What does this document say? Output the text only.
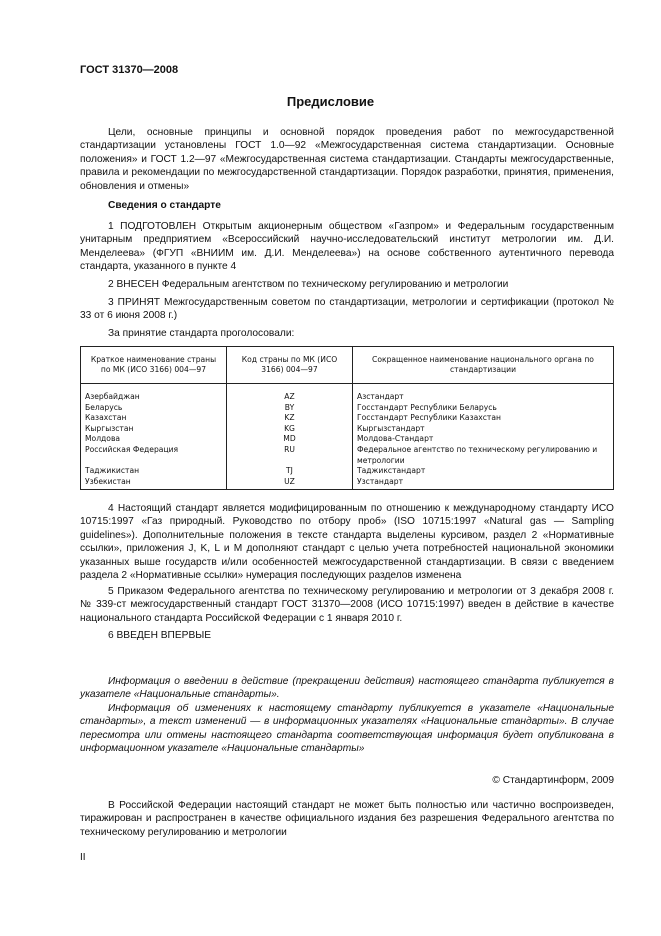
ГОСТ 31370—2008
Предисловие

Цели, основные принципы и основной порядок проведения работ по межгосударственной стандартизации установлены ГОСТ 1.0—92 «Межгосударственная система стандартизации. Основные положения» и ГОСТ 1.2—97 «Межгосударственная система стандартизации. Стандарты межгосударственные, правила и рекомендации по межгосударственной стандартизации. Порядок разработки, принятия, применения, обновления и отмены»

Сведения о стандарте

1 ПОДГОТОВЛЕН Открытым акционерным обществом «Газпром» и Федеральным государственным унитарным предприятием «Всероссийский научно-исследовательский институт метрологии им. Д.И. Менделеева» (ФГУП «ВНИИМ им. Д.И. Менделеева») на основе собственного аутентичного перевода стандарта, указанного в пункте 4

2 ВНЕСЕН Федеральным агентством по техническому регулированию и метрологии

3 ПРИНЯТ Межгосударственным советом по стандартизации, метрологии и сертификации (протокол № 33 от 6 июня 2008 г.)

За принятие стандарта проголосовали:

Краткое наименование страны по МК (ИСО 3166) 004—97	Код страны по МК (ИСО 3166) 004—97	Сокращенное наименование национального органа по стандартизации
Азербайджан	AZ	Азстандарт
Беларусь	BY	Госстандарт Республики Беларусь
Казахстан	KZ	Госстандарт Республики Казахстан
Кыргызстан	KG	Кыргызстандарт
Молдова	MD	Молдова-Стандарт
Российская Федерация	RU	Федеральное агентство по техническому регулированию и метрологии
Таджикистан	TJ	Таджикстандарт
Узбекистан	UZ	Узстандарт

4 Настоящий стандарт является модифицированным по отношению к международному стандарту ИСО 10715:1997 «Газ природный. Руководство по отбору проб» (ISO 10715:1997 «Natural gas — Sampling guidelines»). Дополнительные положения в тексте стандарта выделены курсивом, раздел 2 «Нормативные ссылки», приложения J, K, L и M дополняют стандарт с целью учета потребностей национальной экономики указанных выше государств и/или особенностей межгосударственной стандартизации. В связи с введением раздела 2 «Нормативные ссылки» нумерация последующих разделов изменена

5 Приказом Федерального агентства по техническому регулированию и метрологии от 3 декабря 2008 г. № 339-ст межгосударственный стандарт ГОСТ 31370—2008 (ИСО 10715:1997) введен в действие в качестве национального стандарта Российской Федерации с 1 января 2010 г.

6 ВВЕДЕН ВПЕРВЫЕ

Информация о введении в действие (прекращении действия) настоящего стандарта публикуется в указателе «Национальные стандарты».

Информация об изменениях к настоящему стандарту публикуется в указателе «Национальные стандарты», а текст изменений — в информационных указателях «Национальные стандарты». В случае пересмотра или отмены настоящего стандарта соответствующая информация будет опубликована в информационном указателе «Национальные стандарты»

© Стандартинформ, 2009

В Российской Федерации настоящий стандарт не может быть полностью или частично воспроизведен, тиражирован и распространен в качестве официального издания без разрешения Федерального агентства по техническому регулированию и метрологии

II
